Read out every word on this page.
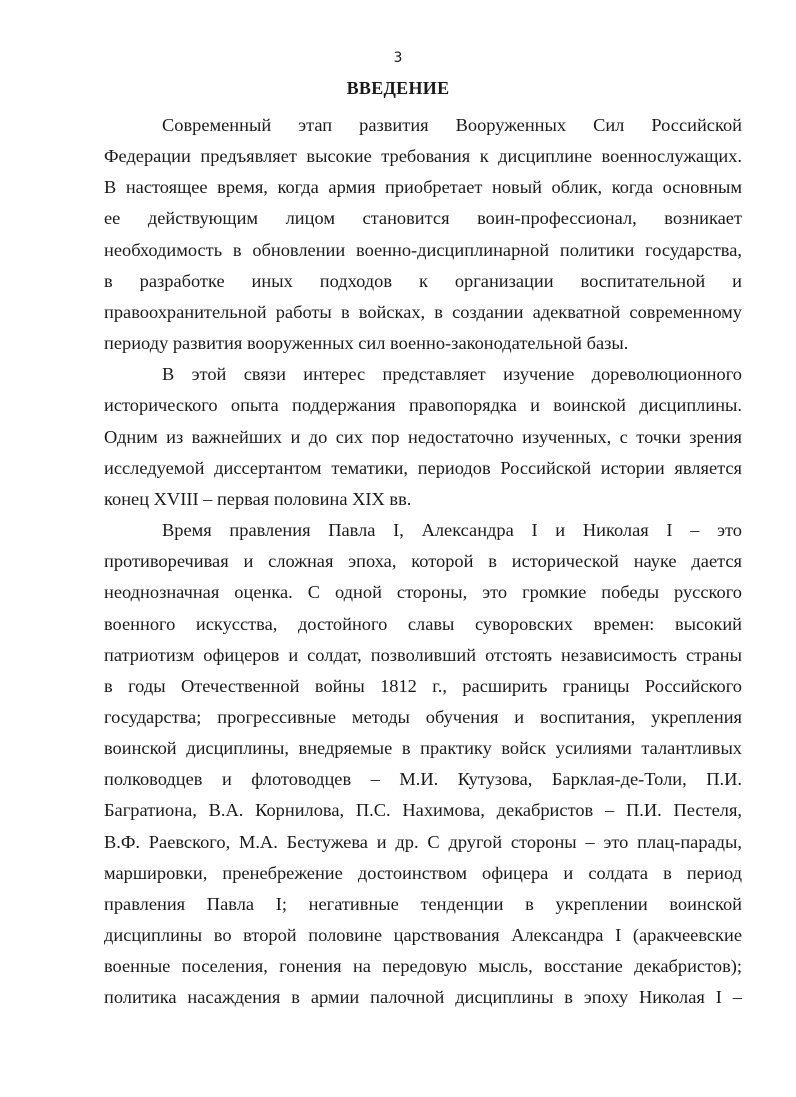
3
ВВЕДЕНИЕ
Современный этап развития Вооруженных Сил Российской
Федерации предъявляет высокие требования к дисциплине военнослужащих.
В настоящее время, когда армия приобретает новый облик, когда основным
ее действующим лицом становится воин-профессионал, возникает
необходимость в обновлении военно-дисциплинарной политики государства,
в разработке иных подходов к организации воспитательной и
правоохранительной работы в войсках, в создании адекватной современному
периоду развития вооруженных сил военно-законодательной базы.
В этой связи интерес представляет изучение дореволюционного
исторического опыта поддержания правопорядка и воинской дисциплины.
Одним из важнейших и до сих пор недостаточно изученных, с точки зрения
исследуемой диссертантом тематики, периодов Российской истории является
конец XVIII – первая половина XIX вв.
Время правления Павла I, Александра I и Николая I – это
противоречивая и сложная эпоха, которой в исторической науке дается
неоднозначная оценка. С одной стороны, это громкие победы русского
военного искусства, достойного славы суворовских времен: высокий
патриотизм офицеров и солдат, позволивший отстоять независимость страны
в годы Отечественной войны 1812 г., расширить границы Российского
государства; прогрессивные методы обучения и воспитания, укрепления
воинской дисциплины, внедряемые в практику войск усилиями талантливых
полководцев и флотоводцев – М.И. Кутузова, Барклая-де-Толи, П.И.
Багратиона, В.А. Корнилова, П.С. Нахимова, декабристов – П.И. Пестеля,
В.Ф. Раевского, М.А. Бестужева и др. С другой стороны – это плац-парады,
маршировки, пренебрежение достоинством офицера и солдата в период
правления Павла I; негативные тенденции в укреплении воинской
дисциплины во второй половине царствования Александра I (аракчеевские
военные поселения, гонения на передовую мысль, восстание декабристов);
политика насаждения в армии палочной дисциплины в эпоху Николая I –
